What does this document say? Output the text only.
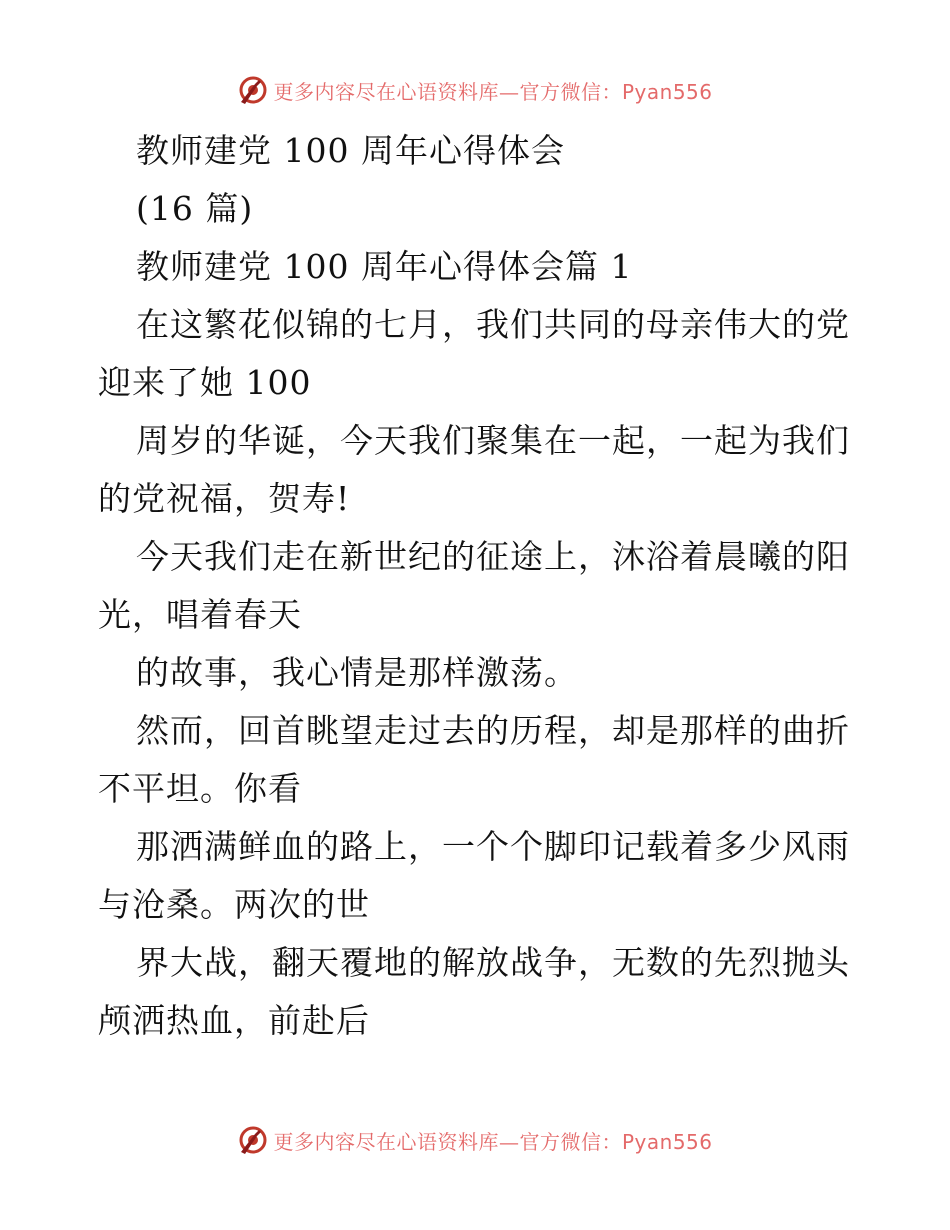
更多内容尽在心语资料库—官方微信：Pyan556
教师建党 100 周年心得体会
(16 篇)
教师建党 100 周年心得体会篇 1
在这繁花似锦的七月，我们共同的母亲伟大的党
迎来了她 100
周岁的华诞，今天我们聚集在一起，一起为我们
的党祝福，贺寿!
今天我们走在新世纪的征途上，沐浴着晨曦的阳
光，唱着春天
的故事，我心情是那样激荡。
然而，回首眺望走过去的历程，却是那样的曲折
不平坦。你看
那洒满鲜血的路上，一个个脚印记载着多少风雨
与沧桑。两次的世
界大战，翻天覆地的解放战争，无数的先烈抛头
颅洒热血，前赴后
更多内容尽在心语资料库—官方微信：Pyan556
